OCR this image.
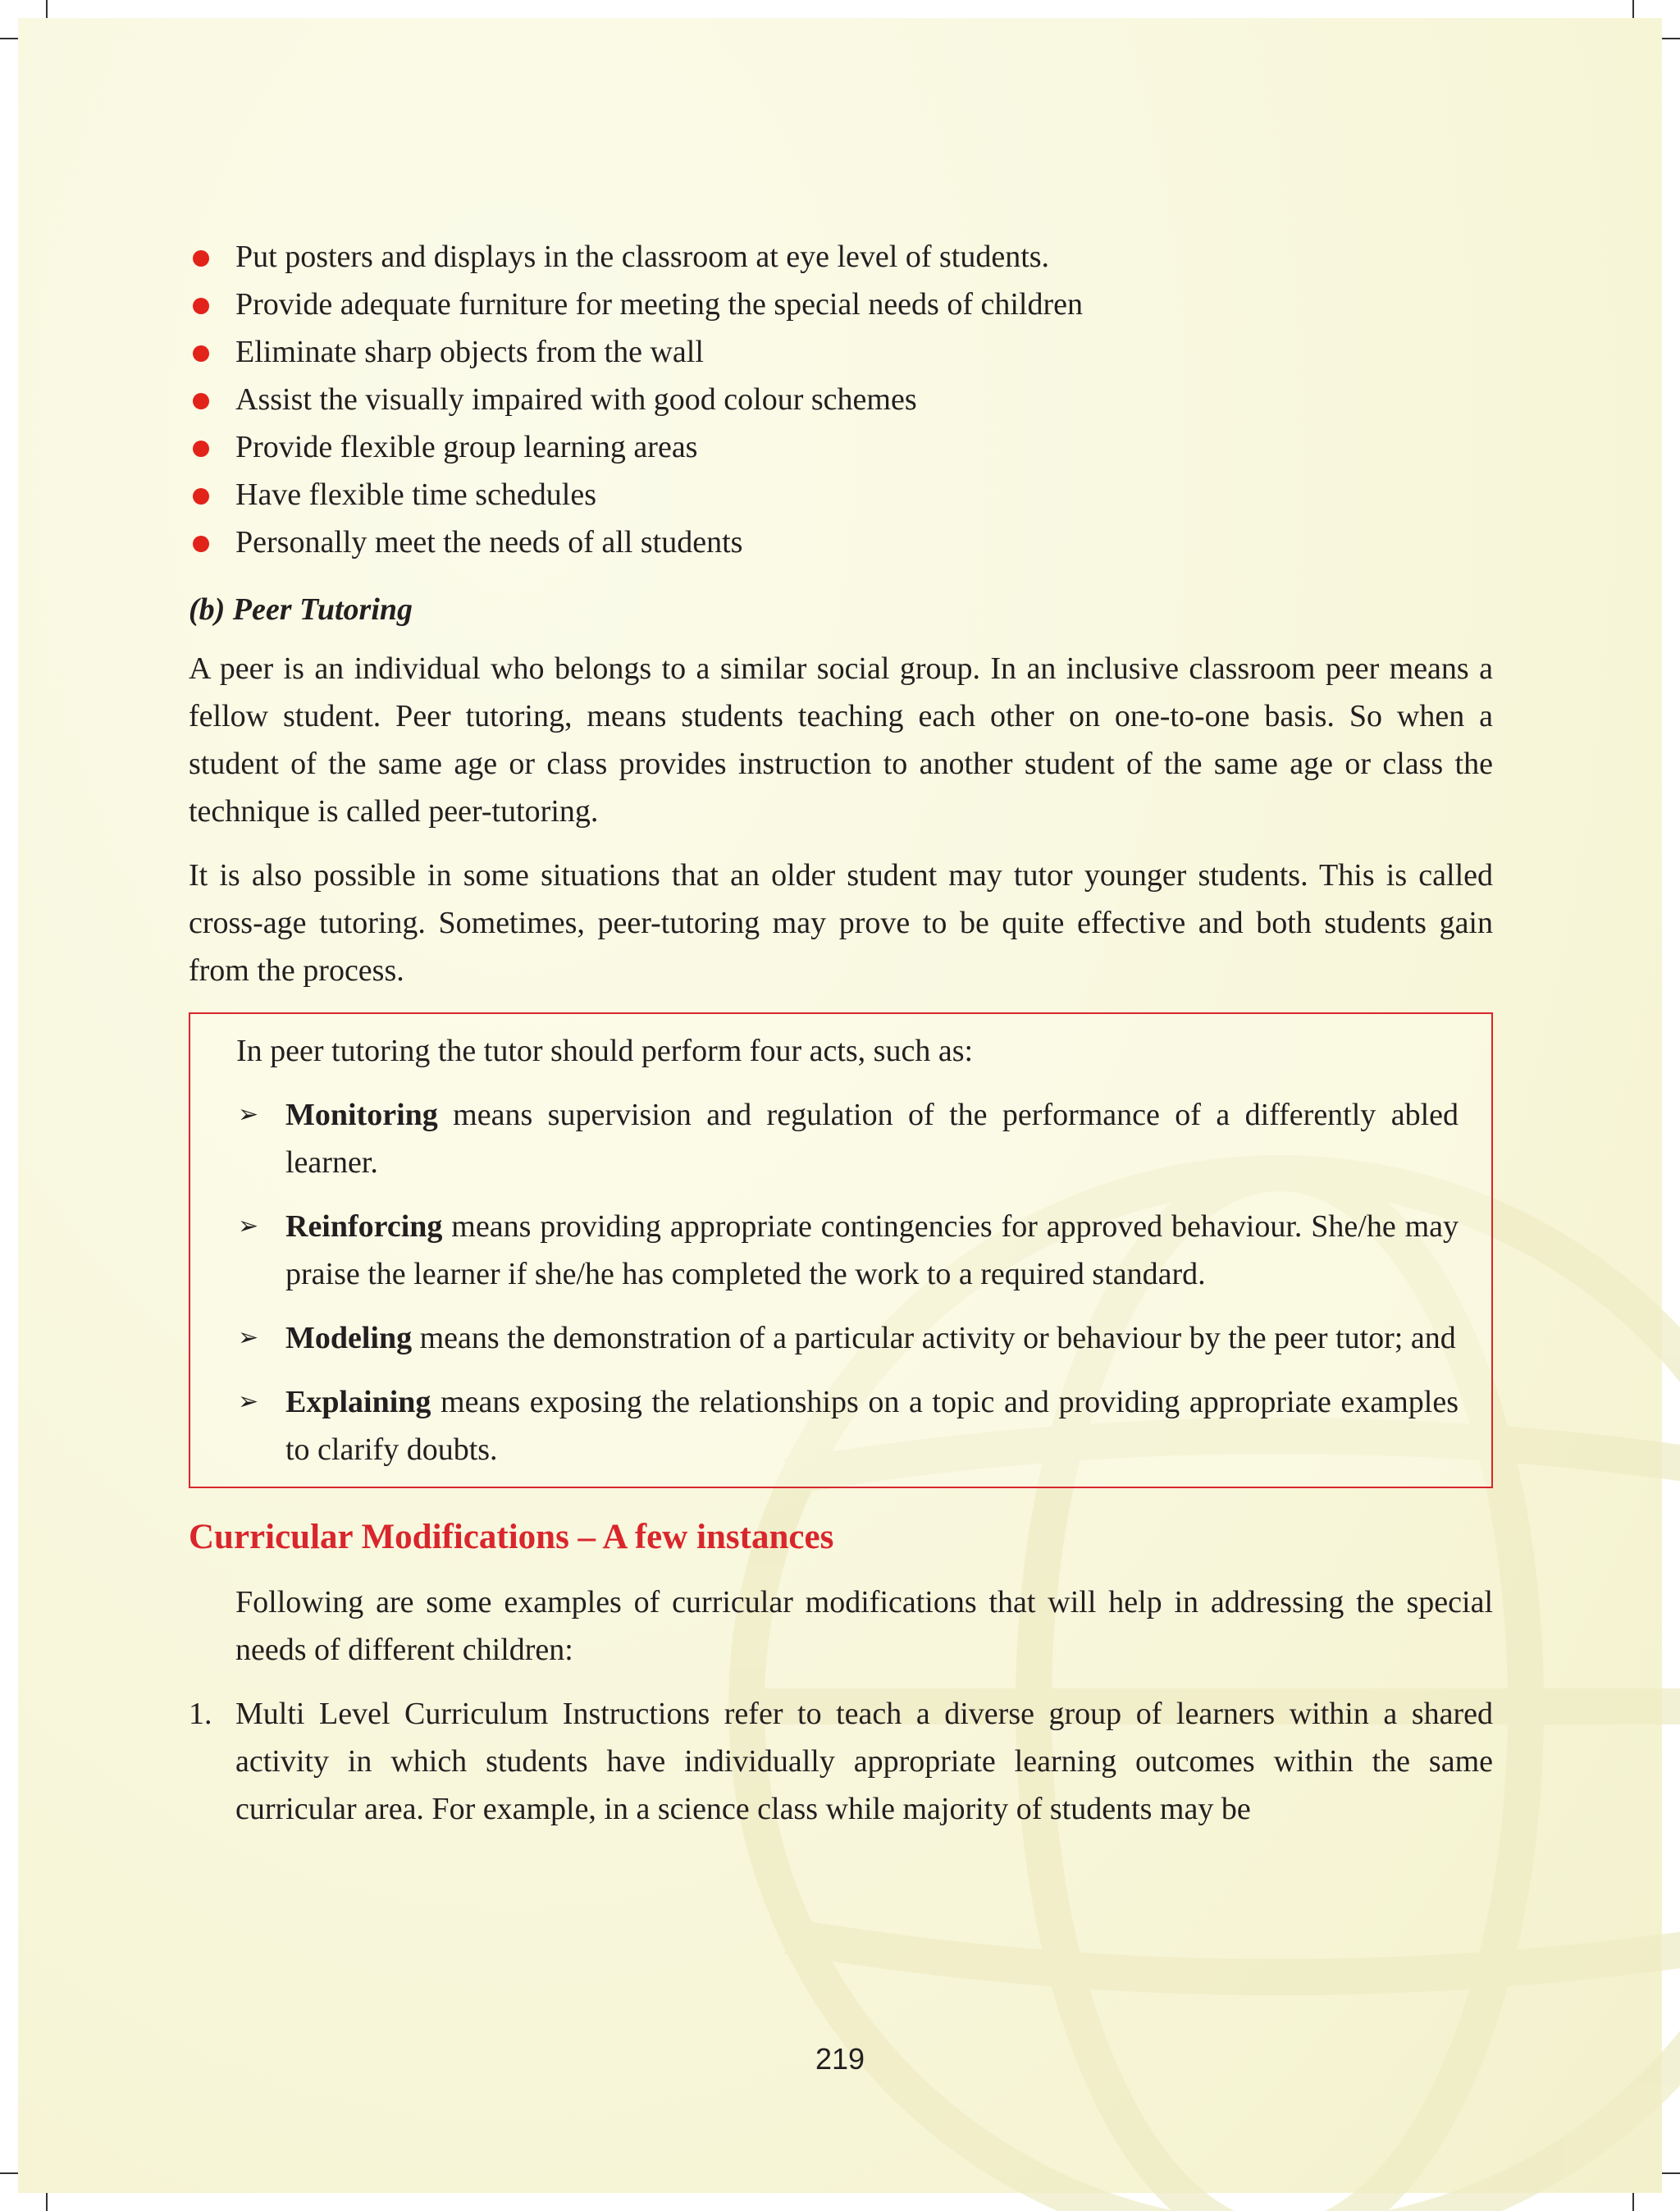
Put posters and displays in the classroom at eye level of students.
Provide adequate furniture for meeting the special needs of children
Eliminate sharp objects from the wall
Assist the visually impaired with good colour schemes
Provide flexible group learning areas
Have flexible time schedules
Personally meet the needs of all students
(b) Peer Tutoring

A peer is an individual who belongs to a similar social group. In an inclusive classroom peer means a fellow student. Peer tutoring, means students teaching each other on one-to-one basis. So when a student of the same age or class provides instruction to another student of the same age or class the technique is called peer-tutoring.

It is also possible in some situations that an older student may tutor younger students. This is called cross-age tutoring. Sometimes, peer-tutoring may prove to be quite effective and both students gain from the process.

In peer tutoring the tutor should perform four acts, such as:

➢ Monitoring means supervision and regulation of the performance of a differently abled learner.
➢ Reinforcing means providing appropriate contingencies for approved behaviour. She/he may praise the learner if she/he has completed the work to a required standard.
➢ Modeling means the demonstration of a particular activity or behaviour by the peer tutor; and
➢ Explaining means exposing the relationships on a topic and providing appropriate examples to clarify doubts.
Curricular Modifications – A few instances

Following are some examples of curricular modifications that will help in addressing the special needs of different children:

1. Multi Level Curriculum Instructions refer to teach a diverse group of learners within a shared activity in which students have individually appropriate learning outcomes within the same curricular area. For example, in a science class while majority of students may be
219
